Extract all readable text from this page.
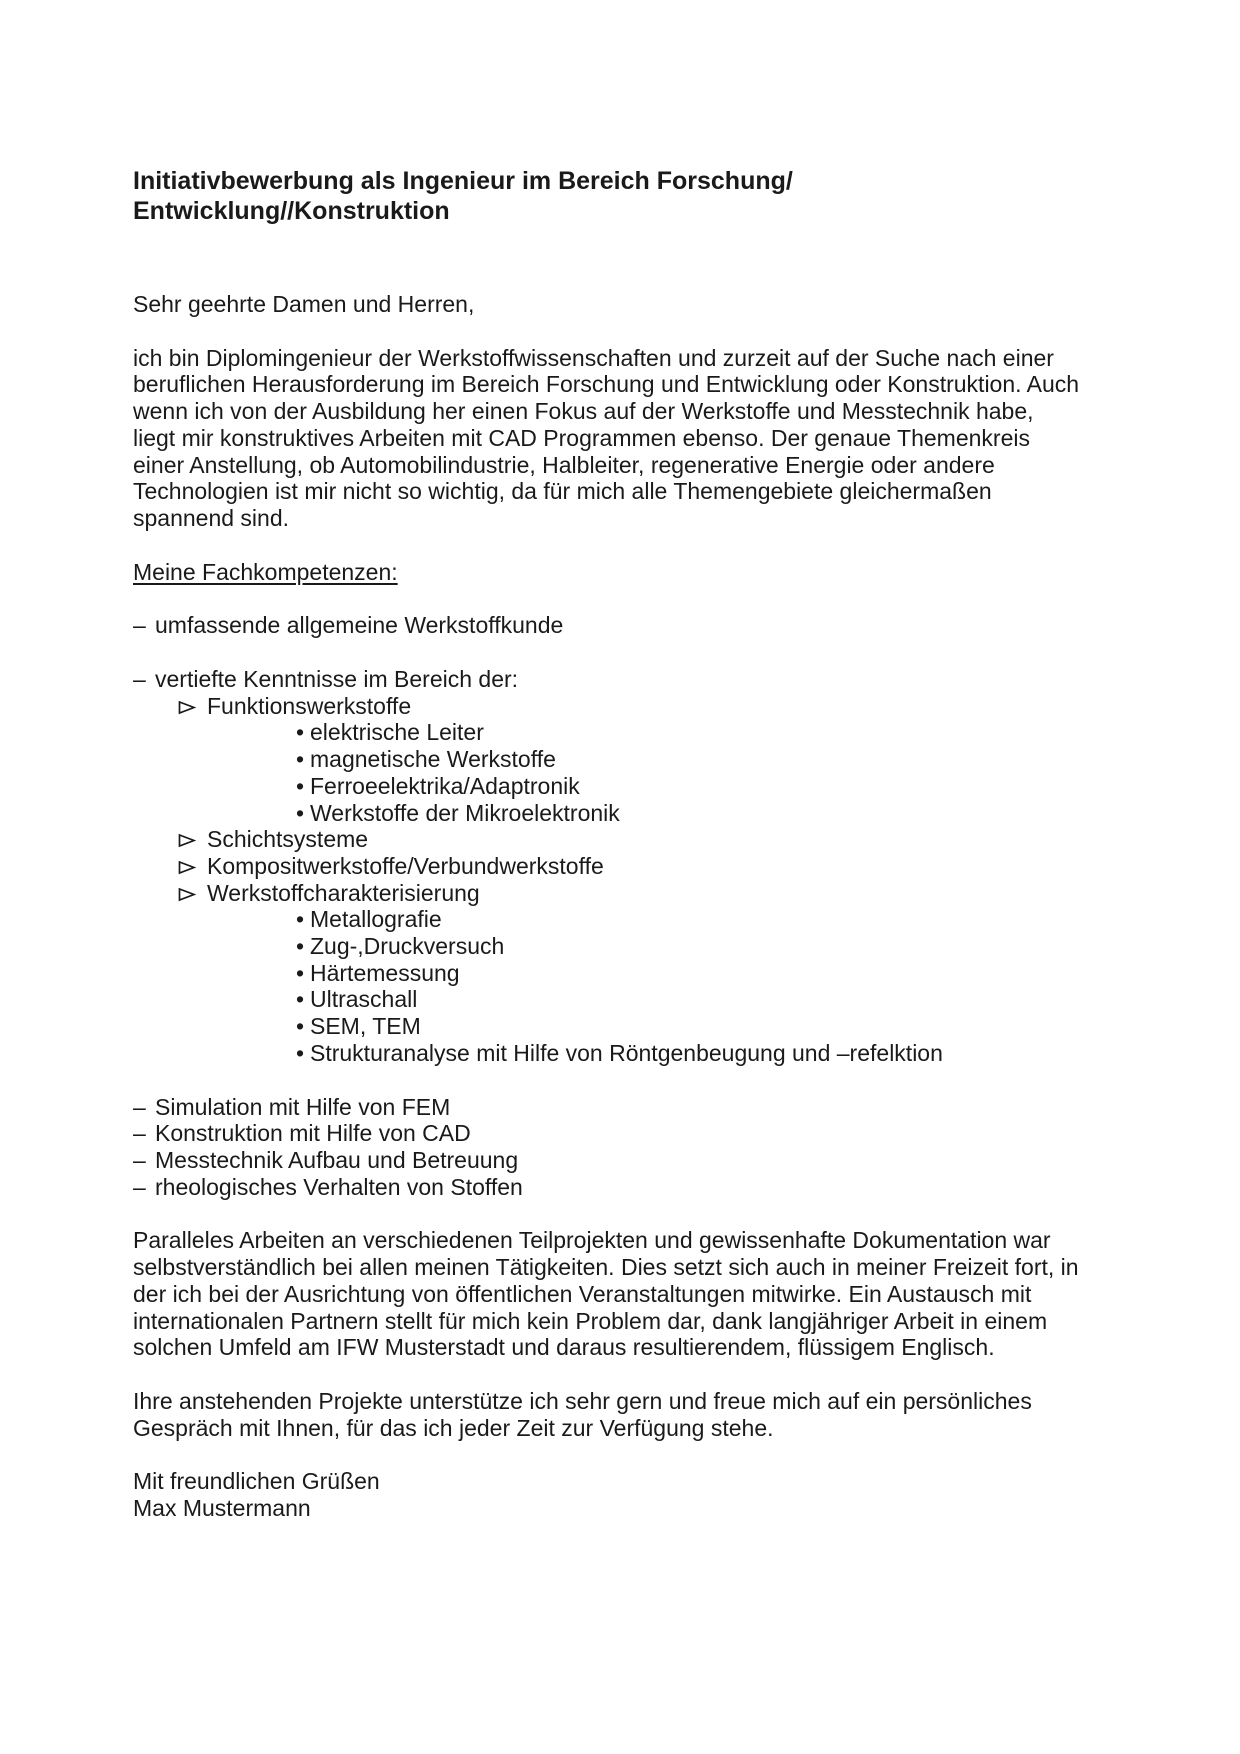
Initiativbewerbung als Ingenieur im Bereich Forschung/
Entwicklung//Konstruktion
Sehr geehrte Damen und Herren,
ich bin Diplomingenieur der Werkstoffwissenschaften und zurzeit auf der Suche nach einer
beruflichen Herausforderung im Bereich Forschung und Entwicklung oder Konstruktion. Auch
wenn ich von der Ausbildung her einen Fokus auf der Werkstoffe und Messtechnik habe,
liegt mir konstruktives Arbeiten mit CAD Programmen ebenso. Der genaue Themenkreis
einer Anstellung, ob Automobilindustrie, Halbleiter, regenerative Energie oder andere
Technologien ist mir nicht so wichtig, da für mich alle Themengebiete gleichermaßen
spannend sind.
Meine Fachkompetenzen:
– umfassende allgemeine Werkstoffkunde
– vertiefte Kenntnisse im Bereich der:
Funktionswerkstoffe
• elektrische Leiter
• magnetische Werkstoffe
• Ferroeelektrika/Adaptronik
• Werkstoffe der Mikroelektronik
Schichtsysteme
Kompositwerkstoffe/Verbundwerkstoffe
Werkstoffcharakterisierung
• Metallografie
• Zug-,Druckversuch
• Härtemessung
• Ultraschall
• SEM, TEM
• Strukturanalyse mit Hilfe von Röntgenbeugung und –refelktion
– Simulation mit Hilfe von FEM
– Konstruktion mit Hilfe von CAD
– Messtechnik Aufbau und Betreuung
– rheologisches Verhalten von Stoffen
Paralleles Arbeiten an verschiedenen Teilprojekten und gewissenhafte Dokumentation war
selbstverständlich bei allen meinen Tätigkeiten. Dies setzt sich auch in meiner Freizeit fort, in
der ich bei der Ausrichtung von öffentlichen Veranstaltungen mitwirke. Ein Austausch mit
internationalen Partnern stellt für mich kein Problem dar, dank langjähriger Arbeit in einem
solchen Umfeld am IFW Musterstadt und daraus resultierendem, flüssigem Englisch.
Ihre anstehenden Projekte unterstütze ich sehr gern und freue mich auf ein persönliches
Gespräch mit Ihnen, für das ich jeder Zeit zur Verfügung stehe.
Mit freundlichen Grüßen
Max Mustermann
